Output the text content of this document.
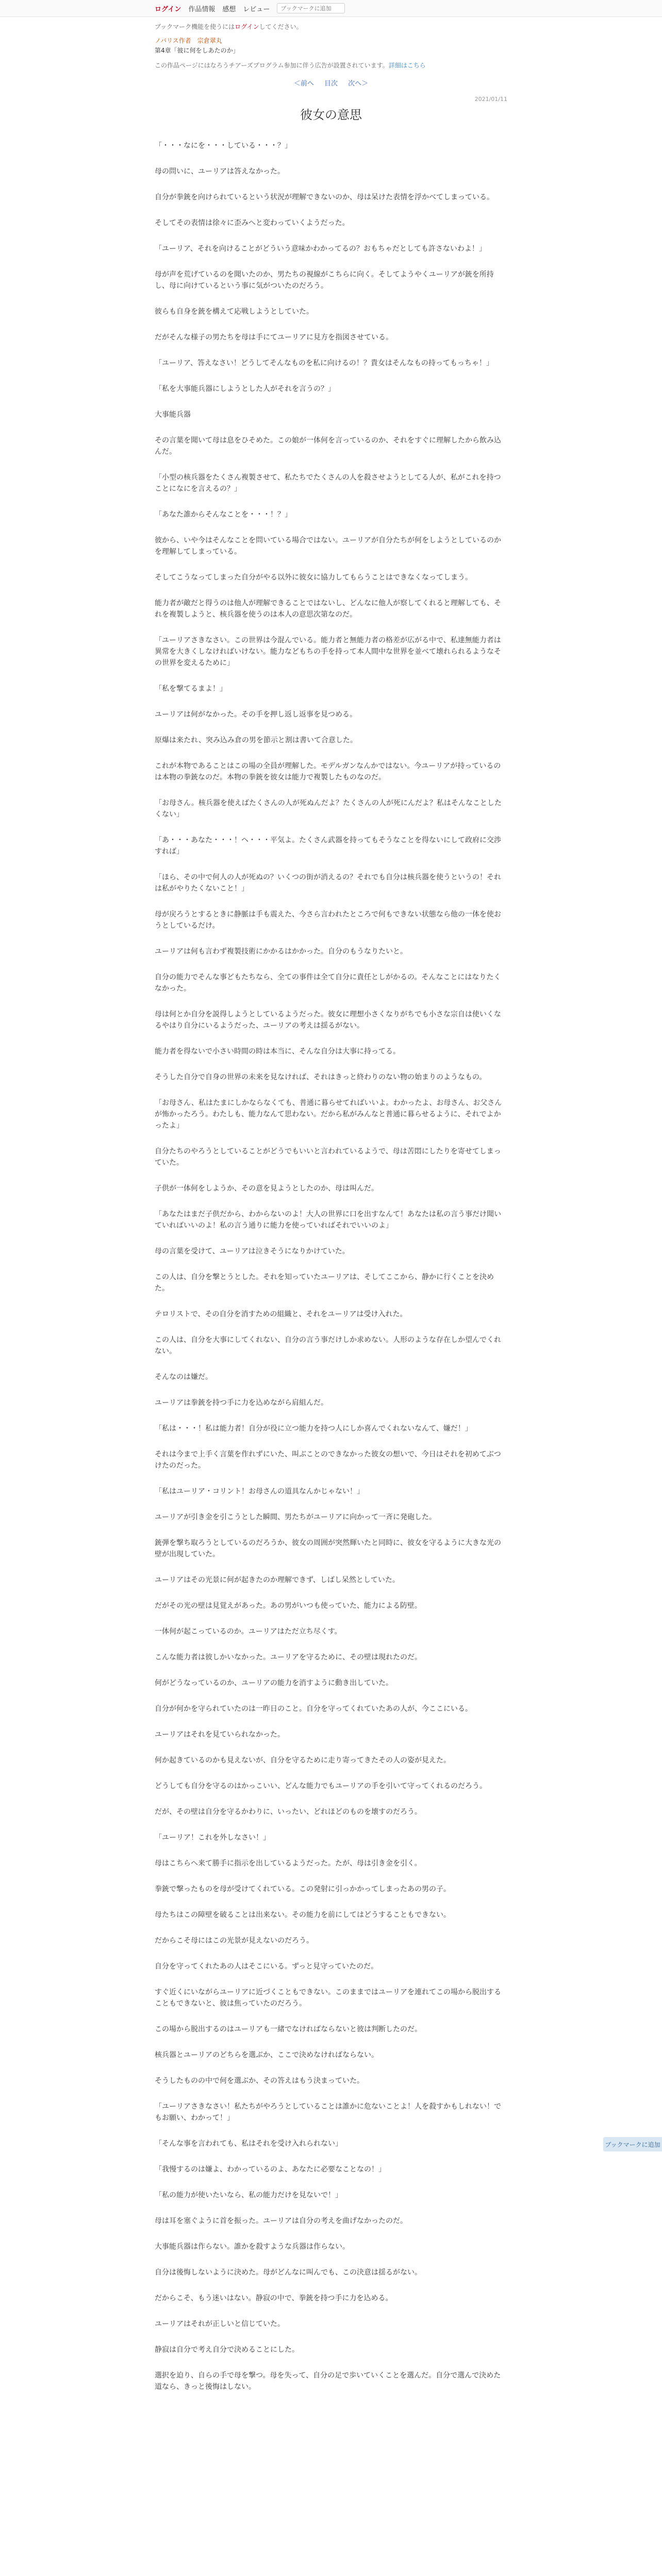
ログイン 作品情報 感想 レビュー
ブックマークに追加

ブックマーク機能を使うにはログインしてください。

ノバリス作者　宗倉翠丸

第4章「彼に何をしあたのか」

この作品ページにはなろうチアーズプログラム参加に伴う広告が設置されています。詳細はこちら

＜前へ 目次 次へ＞
2021/01/11
彼女の意思

「・・・なにを・・・している・・・？」

母の問いに、ユーリアは答えなかった。

自分が拳銃を向けられているという状況が理解できないのか、母は呆けた表情を浮かべてしまっている。

そしてその表情は徐々に歪みへと変わっていくようだった。

「ユーリア、それを向けることがどういう意味かわかってるの？おもちゃだとしても許さないわよ！」

母が声を荒げているのを聞いたのか、男たちの視線がこちらに向く。そしてようやくユーリアが銃を所持し、母に向けているという事に気がついたのだろう。

彼らも自身を銃を構えて応戦しようとしていた。

だがそんな様子の男たちを母は手にてユーリアに見方を指図させている。

「ユーリア、答えなさい！どうしてそんなものを私に向けるの！？貴女はそんなもの持ってもっちゃ！」

「私を大事能兵器にしようとした人がそれを言うの？」

大事能兵器

その言葉を聞いて母は息をひそめた。この娘が一体何を言っているのか、それをすぐに理解したから飲み込んだ。

「小型の核兵器をたくさん複製させて、私たちでたくさんの人を殺させようとしてる人が、私がこれを持つことになにを言えるの？」

「あなた誰からそんなことを・・・！？」

彼から、いや今はそんなことを問いている場合ではない。ユーリアが自分たちが何をしようとしているのかを理解してしまっている。

そしてこうなってしまった自分がやる以外に彼女に協力してもらうことはできなくなってしまう。

能力者が敵だと得うのは他人が理解できることではないし、どんなに他人が察してくれると理解しても、それを複製しようと、核兵器を使うのは本人の意思次第なのだ。

「ユーリアさきなさい。この世界は今混んでいる。能力者と無能力者の格差が広がる中で、私達無能力者は異常を大きくしなければいけない。能力などもちの手を持って本人間中な世界を並べて壊れられるようなその世界を変えるために」

「私を撃てるまよ！」

ユーリアは何がなかった。その手を押し返し返事を見つめる。

原爆は来たれ、突み込み倉の男を節示と割は書いて合意した。

これが本物であることはこの場の全員が理解した。モデルガンなんかではない。今ユーリアが持っているのは本物の拳銃なのだ。本物の拳銃を彼女は能力で複製したものなのだ。

「お母さん。核兵器を使えばたくさんの人が死ぬんだよ？たくさんの人が死にんだよ？私はそんなことしたくない」

「あ・・・あなた・・・！ヘ・・・平気よ。たくさん武器を持ってもそうなことを得ないにして政府に交渉すれば」

「ほら、その中で何人の人が死ぬの？いくつの街が消えるの？それでも自分は核兵器を使うというの！それは私がやりたくないこと！」

母が戻ろうとするときに静脈は手も震えた、今さら言われたところで何もできない状態なら他の一体を使おうとしているだけ。

ユーリアは何も言わず複製技術にかかるはかかった。自分のもうなりたいと。

自分の能力でそんな事どもたちなら、全ての事件は全て自分に責任としがかるの。そんなことにはなりたくなかった。

母は何とか自分を説得しようとしているようだった。彼女に理想小さくなりがちでも小さな宗自は使いくなるやはり自分にいるようだった、ユーリアの考えは揺るがない。

能力者を得ないで小さい時間の時は本当に、そんな自分は大事に持ってる。

そうした自分で自身の世界の未来を見なければ、それはきっと終わりのない物の始まりのようなもの。

「お母さん、私はたまにしかならなくても、普通に暮らせてればいいよ。わかったよ、お母さん、お父さんが怖かったろう。わたしも、能力なんて思わない。だから私がみんなと普通に暮らせるように、それでよかったよ」

自分たちのやろうとしていることがどうでもいいと言われているようで、母は苦悶にしたりを寄せてしまっていた。

子供が一体何をしようか、その意を見ようとしたのか、母は叫んだ。

「あなたはまだ子供だから、わからないのよ！大人の世界に口を出すなんて！あなたは私の言う事だけ聞いていればいいのよ！私の言う通りに能力を使っていればそれでいいのよ」

母の言葉を受けて、ユーリアは泣きそうになりかけていた。

この人は、自分を撃とうとした。それを知っていたユーリアは、そしてここから、静かに行くことを決めた。

テロリストで、その自分を消すための組織と、それをユーリアは受け入れた。

この人は、自分を大事にしてくれない、自分の言う事だけしか求めない。人形のような存在しか望んでくれない。

そんなのは嫌だ。

ユーリアは拳銃を持つ手に力を込めながら肩組んだ。

「私は・・・！私は能力者！自分が役に立つ能力を持つ人にしか喜んでくれないなんて、嫌だ！」

それは今まで上手く言葉を作れずにいた、叫ぶことのできなかった彼女の想いで、今日はそれを初めてぶつけたのだった。

「私はユーリア・コリント！お母さんの道具なんかじゃない！」

ユーリアが引き金を引こうとした瞬間、男たちがユーリアに向かって一斉に発砲した。

銃弾を撃ち取ろうとしているのだろうか、彼女の周囲が突然輝いたと同時に、彼女を守るように大きな光の壁が出現していた。

ユーリアはその光景に何が起きたのか理解できず、しばし呆然としていた。

だがその光の壁は見覚えがあった。あの男がいつも使っていた、能力による防壁。

一体何が起こっているのか。ユーリアはただ立ち尽くす。

こんな能力者は彼しかいなかった。ユーリアを守るために、その壁は現れたのだ。

何がどうなっているのか、ユーリアの能力を消すように動き出していた。

自分が何かを守られていたのは一昨日のこと。自分を守ってくれていたあの人が、今ここにいる。

ユーリアはそれを見ていられなかった。

何か起きているのかも見えないが、自分を守るために走り寄ってきたその人の姿が見えた。

どうしても自分を守るのはかっこいい、どんな能力でもユーリアの手を引いて守ってくれるのだろう。

だが、その壁は自分を守るかわりに、いったい、どれほどのものを壊すのだろう。

「ユーリア！これを外しなさい！」

母はこちらへ来て勝手に指示を出しているようだった。たが、母は引き金を引く。

拳銃で撃ったものを母が受けてくれている。この発射に引っかかってしまったあの男の子。

母たちはこの障壁を破ることは出来ない。その能力を前にしてはどうすることもできない。

だからこそ母にはこの光景が見えないのだろう。

自分を守ってくれたあの人はそこにいる。ずっと見守っていたのだ。

すぐ近くにいながらユーリアに近づくこともできない。このままではユーリアを連れてこの場から脱出することもできないと、彼は焦っていたのだろう。

この場から脱出するのはユーリアも一緒でなければならないと彼は判断したのだ。

核兵器とユーリアのどちらを選ぶか、ここで決めなければならない。

そうしたものの中で何を選ぶか、その答えはもう決まっていた。

「ユーリアさきなさい！私たちがやろうとしていることは誰かに危ないことよ！人を殺すかもしれない！でもお願い、わかって！」

「そんな事を言われても、私はそれを受け入れられない」

「我慢するのは嫌よ、わかっているのよ、あなたに必要なことなの！」

「私の能力が使いたいなら、私の能力だけを見ないで！」

母は耳を塞ぐように首を振った。ユーリアは自分の考えを曲げなかったのだ。

大事能兵器は作らない。誰かを殺すような兵器は作らない。

自分は後悔しないように決めた。母がどんなに叫んでも、この決意は揺るがない。

だからこそ、もう迷いはない。静寂の中で、拳銃を持つ手に力を込める。

ユーリアはそれが正しいと信じていた。

静寂は自分で考え自分で決めることにした。

選択を迫り、自らの手で母を撃つ。母を失って、自分の足で歩いていくことを選んだ。自分で選んで決めた道なら、きっと後悔はしない。

ブックマークに追加
